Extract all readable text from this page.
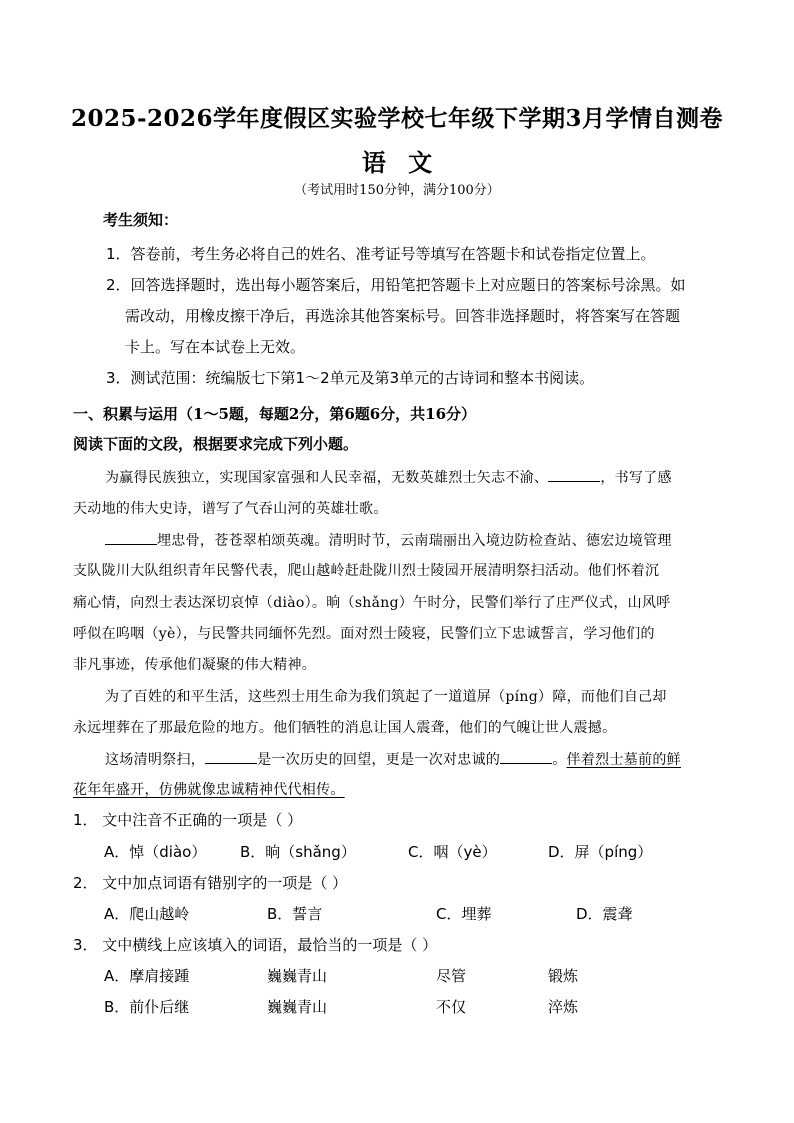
2025-2026学年度假区实验学校七年级下学期3月学情自测卷
语 文
（考试用时150分钟，满分100分）
考生须知：
1．答卷前，考生务必将自己的姓名、准考证号等填写在答题卡和试卷指定位置上。
2．回答选择题时，选出每小题答案后，用铅笔把答题卡上对应题日的答案标号涂黑。如
需改动，用橡皮擦干净后，再选涂其他答案标号。回答非选择题时，将答案写在答题
卡上。写在本试卷上无效。
3．测试范围：统编版七下第1～2单元及第3单元的古诗词和整本书阅读。
一、积累与运用（1～5题，每题2分，第6题6分，共16分）
阅读下面的文段，根据要求完成下列小题。
为赢得民族独立，实现国家富强和人民幸福，无数英雄烈士矢志不渝、	，书写了感
天动地的伟大史诗，谱写了气吞山河的英雄壮歌。
埋忠骨，苍苍翠柏颂英魂。清明时节，云南瑞丽出入境边防检查站、德宏边境管理
支队陇川大队组织青年民警代表，爬山越岭赶赴陇川烈士陵园开展清明祭扫活动。他们怀着沉
痛心情，向烈士表达深切哀悼（diào）。晌（shǎng）午时分，民警们举行了庄严仪式，山风呼
呼似在呜咽（yè），与民警共同缅怀先烈。面对烈士陵寝，民警们立下忠诚誓言，学习他们的
非凡事迹，传承他们凝聚的伟大精神。
为了百姓的和平生活，这些烈士用生命为我们筑起了一道道屏（píng）障，而他们自己却
永远埋葬在了那最危险的地方。他们牺牲的消息让国人震聋，他们的气魄让世人震撼。
这场清明祭扫，	是一次历史的回望，更是一次对忠诚的	。伴着烈士墓前的鲜
花年年盛开，仿佛就像忠诚精神代代相传。
1． 文中注音不正确的一项是（ ）
A．悼（diào） B．晌（shǎng）	C．咽（yè）	D．屏（píng）
2． 文中加点词语有错别字的一项是（ ）
A．爬山越岭	B．誓言	C．埋葬	D．震聋
3． 文中横线上应该填入的词语，最恰当的一项是（ ）
A．摩肩接踵	巍巍青山	尽管	锻炼
B．前仆后继	巍巍青山	不仅	淬炼
